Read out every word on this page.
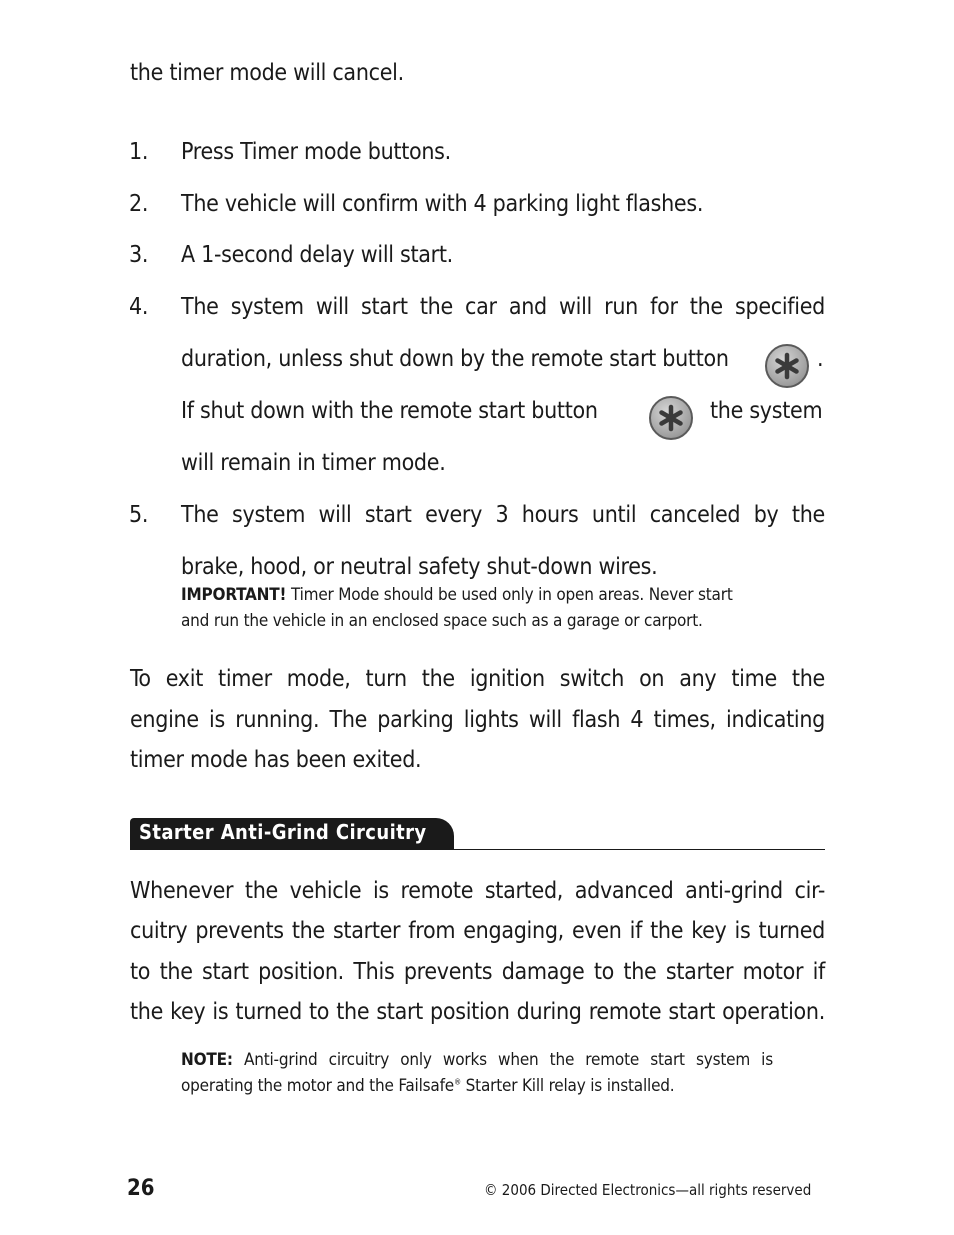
the timer mode will cancel.
1. Press Timer mode buttons.
2. The vehicle will confirm with 4 parking light flashes.
3. A 1-second delay will start.
4. The system will start the car and will run for the specified
duration, unless shut down by the remote start button	.
If shut down with the remote start button	the system
will remain in timer mode.
5. The system will start every 3 hours until canceled by the
brake, hood, or neutral safety shut-down wires.
IMPORTANT! Timer Mode should be used only in open areas. Never start
and run the vehicle in an enclosed space such as a garage or carport.
To exit timer mode, turn the ignition switch on any time the
engine is running. The parking lights will flash 4 times, indicating
timer mode has been exited.
Starter Anti-Grind Circuitry
Whenever the vehicle is remote started, advanced anti-grind cir-
cuitry prevents the starter from engaging, even if the key is turned
to the start position. This prevents damage to the starter motor if
the key is turned to the start position during remote start operation.
NOTE: Anti-grind circuitry only works when the remote start system is
operating the motor and the Failsafe® Starter Kill relay is installed.
26	© 2006 Directed Electronics—all rights reserved
